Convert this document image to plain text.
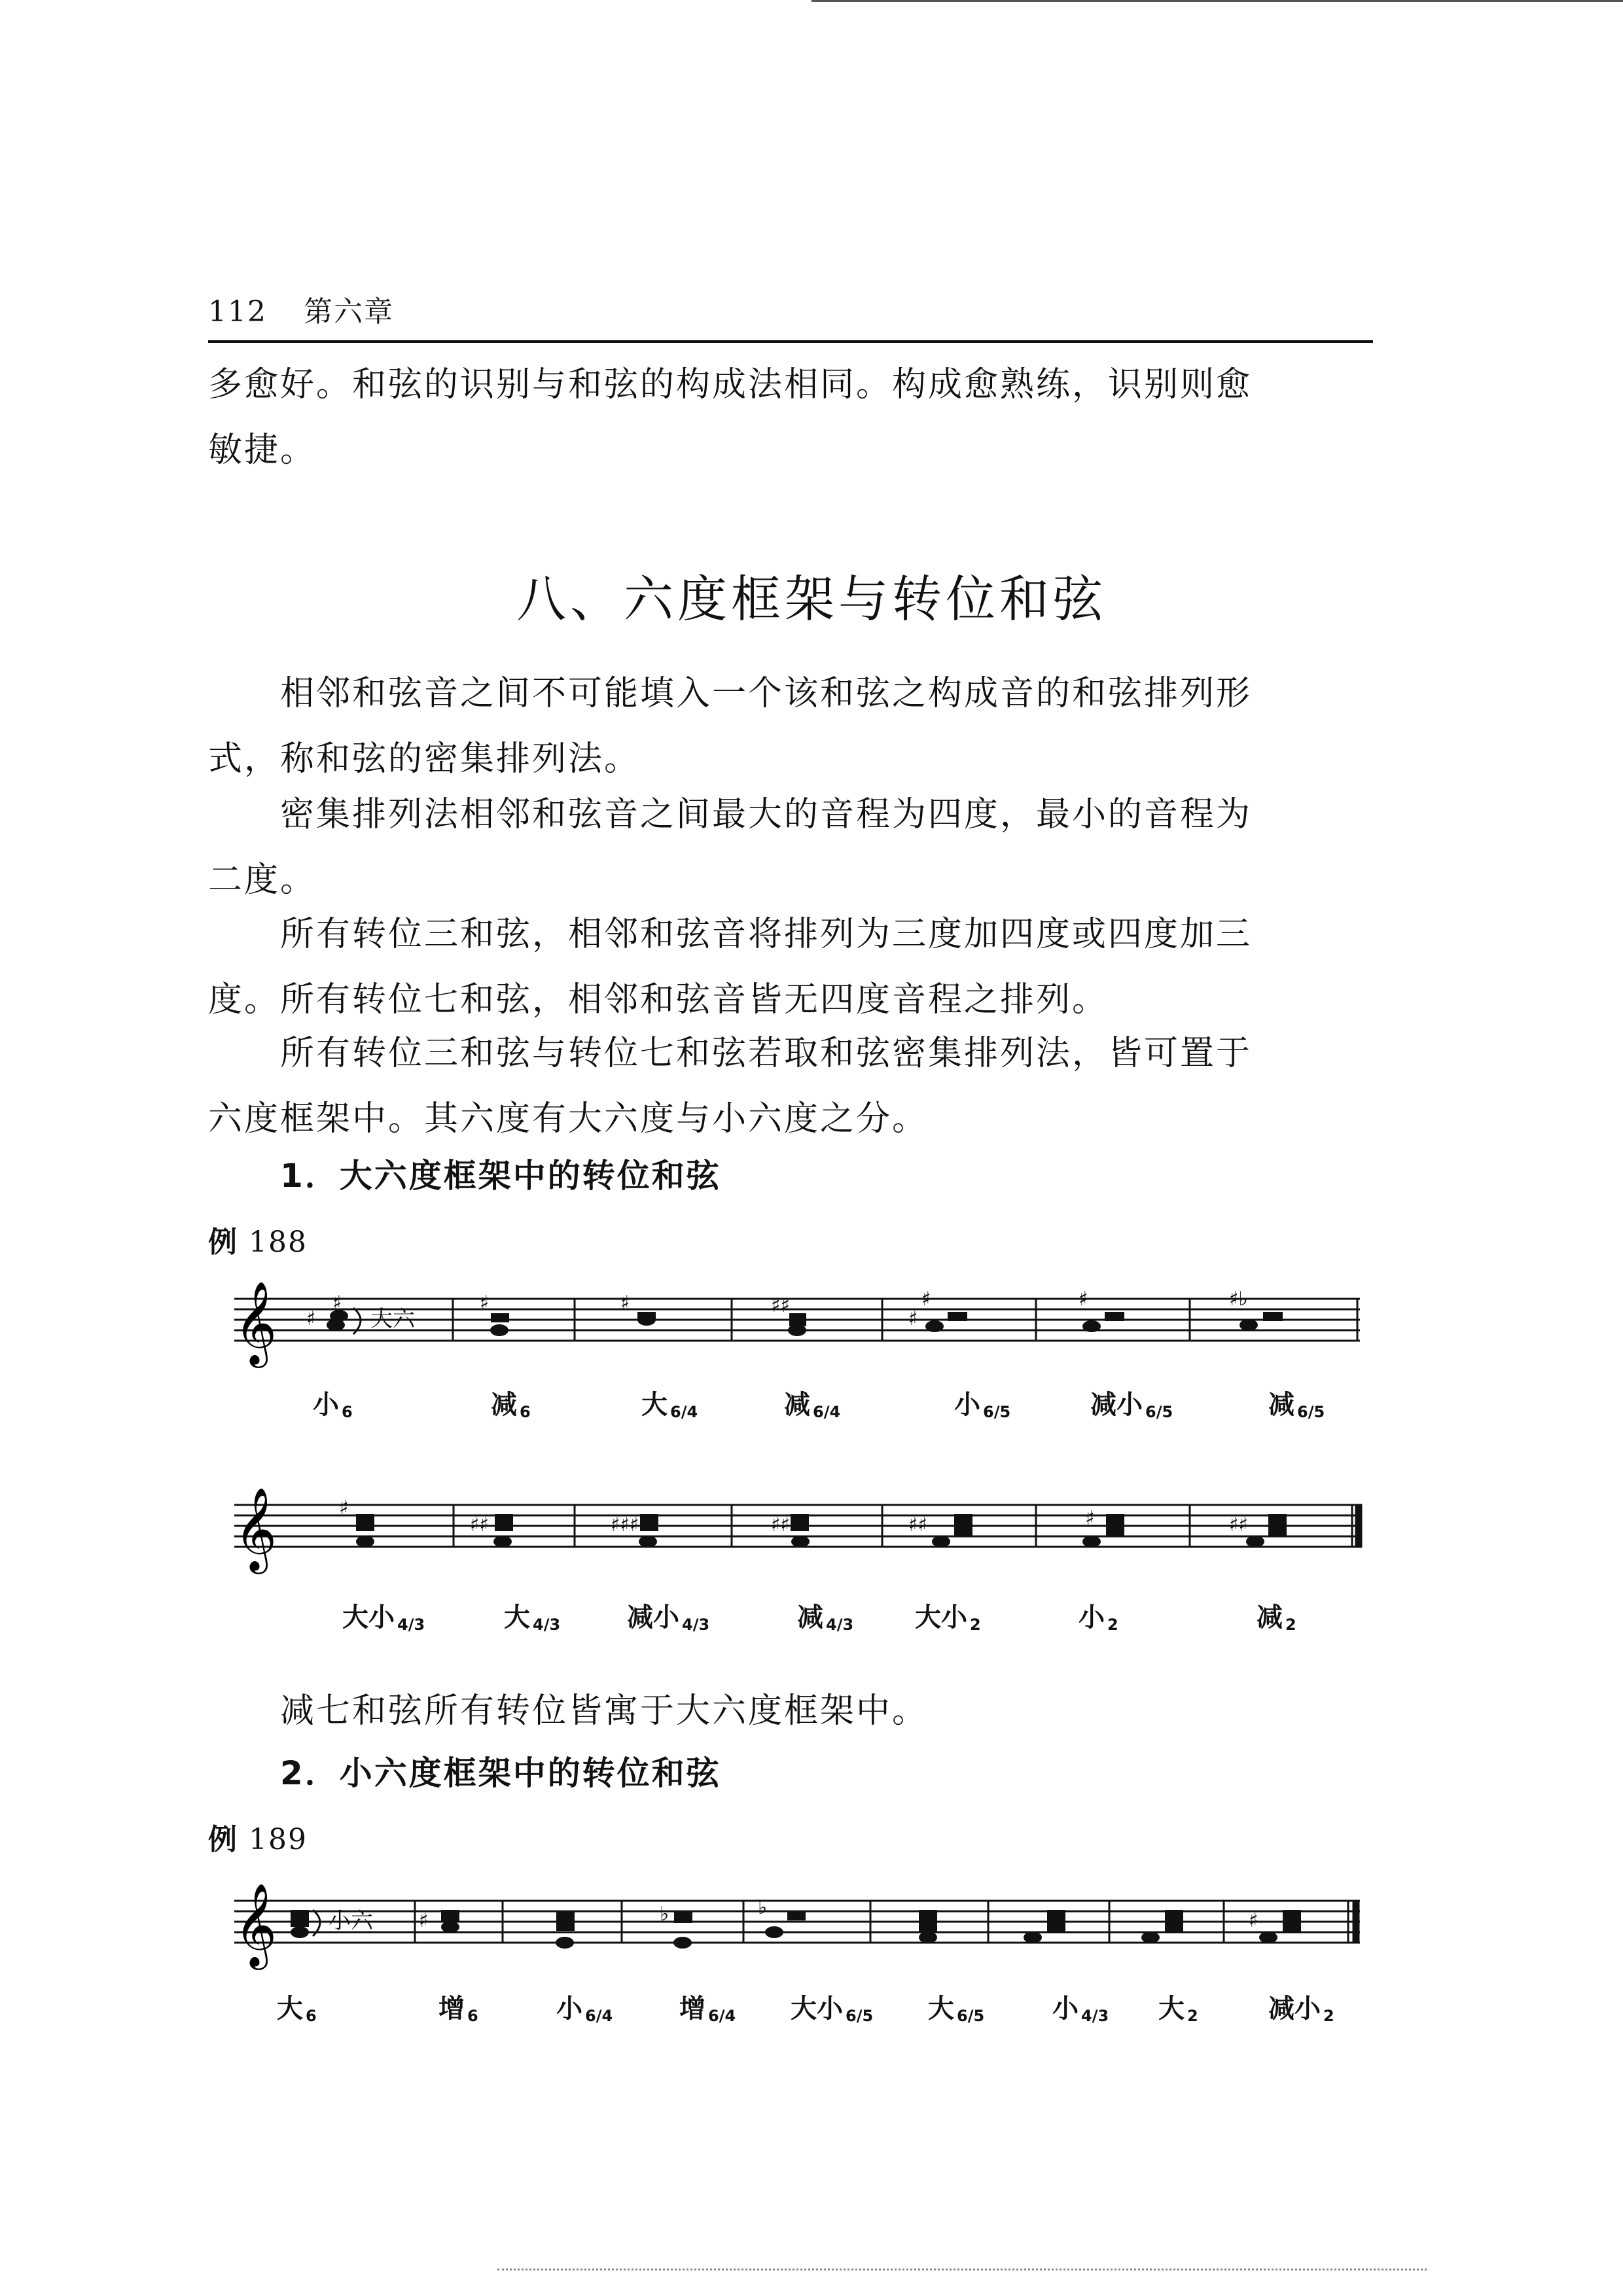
112 第六章
多愈好。和弦的识别与和弦的构成法相同。构成愈熟练，识别则愈
敏捷。
八、六度框架与转位和弦
相邻和弦音之间不可能填入一个该和弦之构成音的和弦排列形
式，称和弦的密集排列法。
密集排列法相邻和弦音之间最大的音程为四度，最小的音程为
二度。
所有转位三和弦，相邻和弦音将排列为三度加四度或四度加三
度。所有转位七和弦，相邻和弦音皆无四度音程之排列。
所有转位三和弦与转位七和弦若取和弦密集排列法，皆可置于
六度框架中。其六度有大六度与小六度之分。
1．大六度框架中的转位和弦
例 188
𝄞 ♯
♯	♯	♯	♯♯	♯
♯
♯	♯♭
大六
小 6	减 6	大 6/4	减 6/4	小 6/5	减小 6/5	减 6/5
𝄞	♯
♯♯	♯♯♯	♯♯	♯♯	♯	♯♯
大小 4/3	大 4/3	减小 4/3	减 4/3 大小 2	小 2	减 2
减七和弦所有转位皆寓于大六度框架中。
2．小六度框架中的转位和弦
例 189
𝄞	♯	♭	♭
♯
小六
大 6	增 6	小 6/4	增 6/4 大小 6/5 大 6/5	小 4/3 大 2	减小 2
